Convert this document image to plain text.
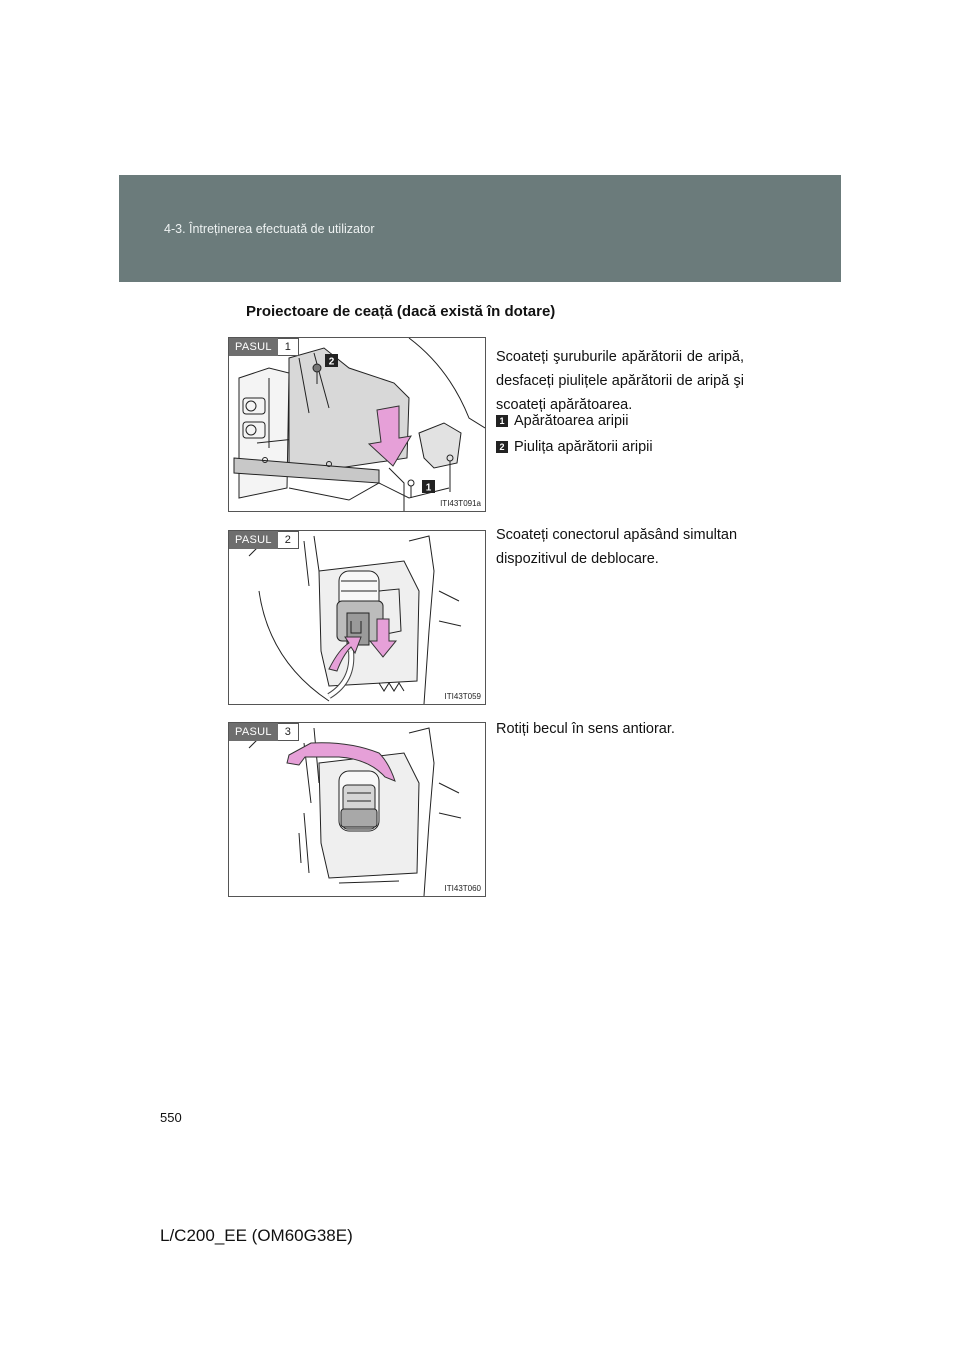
4-3. Întreținerea efectuată de utilizator
Proiectoare de ceață (dacă există în dotare)
PASUL	1
2
1
ITI43T091a
Scoateți şuruburile apărătorii de aripă, desfaceți piulițele apărătorii de aripă şi scoateți apărătoarea.
1 Apărătoarea aripii
2 Piulița apărătorii aripii
PASUL	2
ITI43T059
Scoateți conectorul apăsând simultan dispozitivul de deblocare.
PASUL	3
ITI43T060
Rotiți becul în sens antiorar.
550
L/C200_EE (OM60G38E)
